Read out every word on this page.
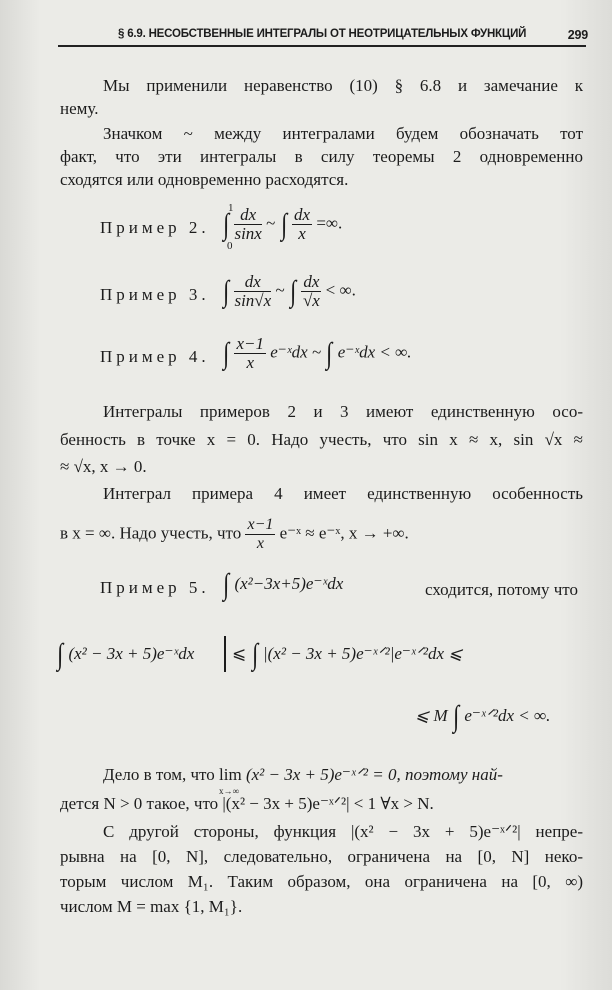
§ 6.9. НЕСОБСТВЕННЫЕ ИНТЕГРАЛЫ ОТ НЕОТРИЦАТЕЛЬНЫХ ФУНКЦИЙ	299
Мы применили неравенство (10) § 6.8 и замечание к
нему.
Значком ~ между интегралами будем обозначать тот
факт, что эти интегралы в силу теоремы 2 одновременно
сходятся или одновременно расходятся.
Пример 2. ∫
1
0
$\frac{dx}{\sin x}$ ~ ∫ $\frac{dx}{x}$ =∞.
Пример 3. ∫ $\frac{dx}{\sin√x}$ ~ ∫ $\frac{dx}{√x}$ < ∞.
Пример 4. ∫ $\frac{x-1}{x}$ e⁻ˣdx ~ ∫ e⁻ˣdx < ∞.
Интегралы примеров 2 и 3 имеют единственную осо-
бенность в точке x = 0. Надо учесть, что sin x ≈ x, sin √x ≈
≈ √x, x → 0.
Интеграл примера 4 имеет единственную особенность
в x = ∞. Надо учесть, что $\frac{x-1}{x}$ e⁻ˣ ≈ e⁻ˣ, x → +∞.
Пример 5. ∫ (x²−3x+5)e⁻ˣdx	сходится, потому что
∫ (x² − 3x + 5)e⁻ˣdx ⩽ ∫ |(x² − 3x + 5)e⁻ˣᐟ²|e⁻ˣᐟ²dx ⩽
⩽ M ∫ e⁻ˣᐟ²dx < ∞.
Дело в том, что lim
x→∞
(x² − 3x + 5)e⁻ˣᐟ² = 0, поэтому най-
дется N > 0 такое, что |(x² − 3x + 5)e⁻ˣᐟ²| < 1 ∀x > N.
С другой стороны, функция |(x² − 3x + 5)e⁻ˣᐟ²| непре-
рывна на [0, N], следовательно, ограничена на [0, N] неко-
торым числом M₁. Таким образом, она ограничена на [0, ∞)
числом M = max {1, M₁}.
